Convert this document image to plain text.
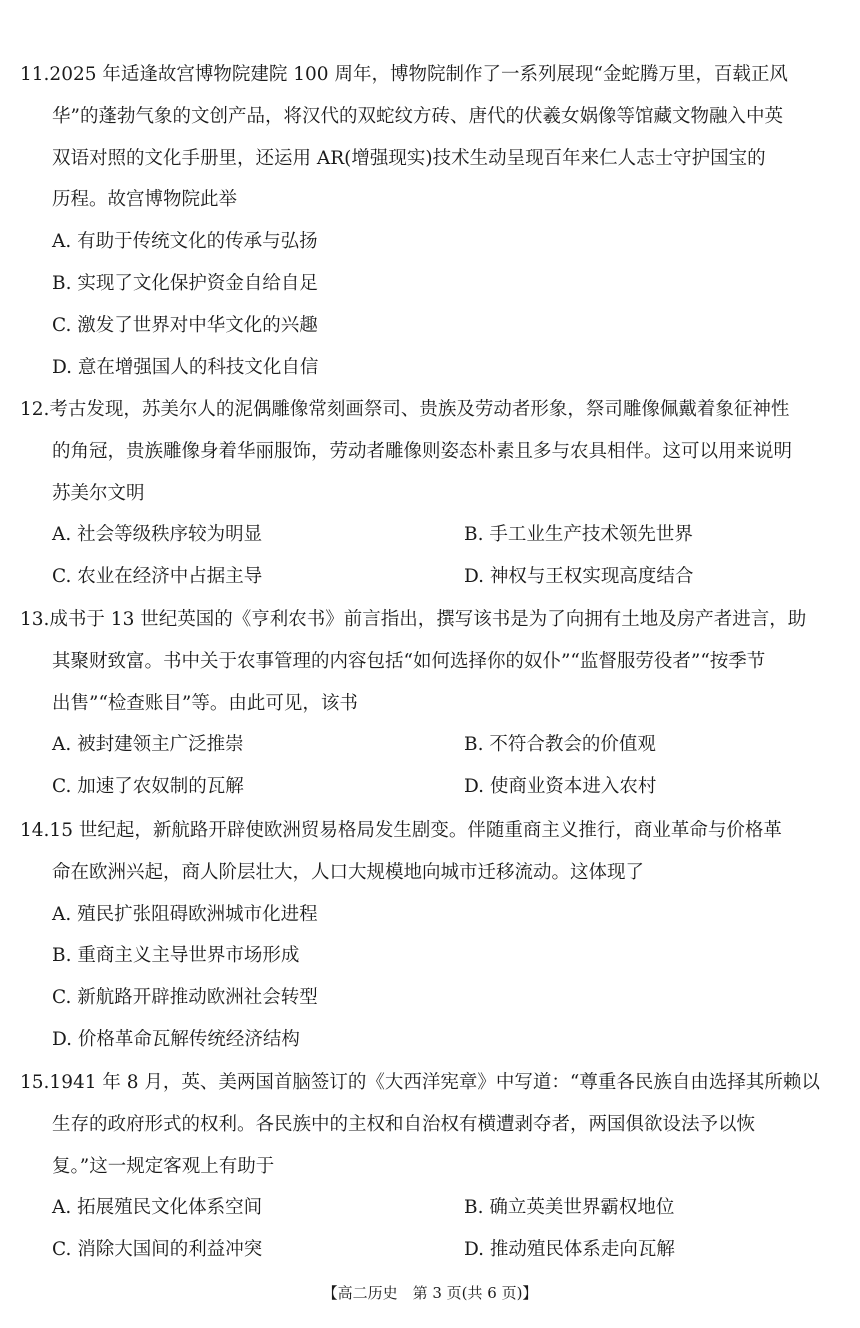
11.2025 年适逢故宫博物院建院 100 周年，博物院制作了一系列展现“金蛇腾万里，百载正风
华”的蓬勃气象的文创产品，将汉代的双蛇纹方砖、唐代的伏羲女娲像等馆藏文物融入中英
双语对照的文化手册里，还运用 AR(增强现实)技术生动呈现百年来仁人志士守护国宝的
历程。故宫博物院此举
A. 有助于传统文化的传承与弘扬
B. 实现了文化保护资金自给自足
C. 激发了世界对中华文化的兴趣
D. 意在增强国人的科技文化自信
12.考古发现，苏美尔人的泥偶雕像常刻画祭司、贵族及劳动者形象，祭司雕像佩戴着象征神性
的角冠，贵族雕像身着华丽服饰，劳动者雕像则姿态朴素且多与农具相伴。这可以用来说明
苏美尔文明
A. 社会等级秩序较为明显	B. 手工业生产技术领先世界
C. 农业在经济中占据主导	D. 神权与王权实现高度结合
13.成书于 13 世纪英国的《亨利农书》前言指出，撰写该书是为了向拥有土地及房产者进言，助
其聚财致富。书中关于农事管理的内容包括“如何选择你的奴仆”“监督服劳役者”“按季节
出售”“检查账目”等。由此可见，该书
A. 被封建领主广泛推崇	B. 不符合教会的价值观
C. 加速了农奴制的瓦解	D. 使商业资本进入农村
14.15 世纪起，新航路开辟使欧洲贸易格局发生剧变。伴随重商主义推行，商业革命与价格革
命在欧洲兴起，商人阶层壮大，人口大规模地向城市迁移流动。这体现了
A. 殖民扩张阻碍欧洲城市化进程
B. 重商主义主导世界市场形成
C. 新航路开辟推动欧洲社会转型
D. 价格革命瓦解传统经济结构
15.1941 年 8 月，英、美两国首脑签订的《大西洋宪章》中写道：“尊重各民族自由选择其所赖以
生存的政府形式的权利。各民族中的主权和自治权有横遭剥夺者，两国俱欲设法予以恢
复。”这一规定客观上有助于
A. 拓展殖民文化体系空间	B. 确立英美世界霸权地位
C. 消除大国间的利益冲突	D. 推动殖民体系走向瓦解
【高二历史　第 3 页(共 6 页)】
